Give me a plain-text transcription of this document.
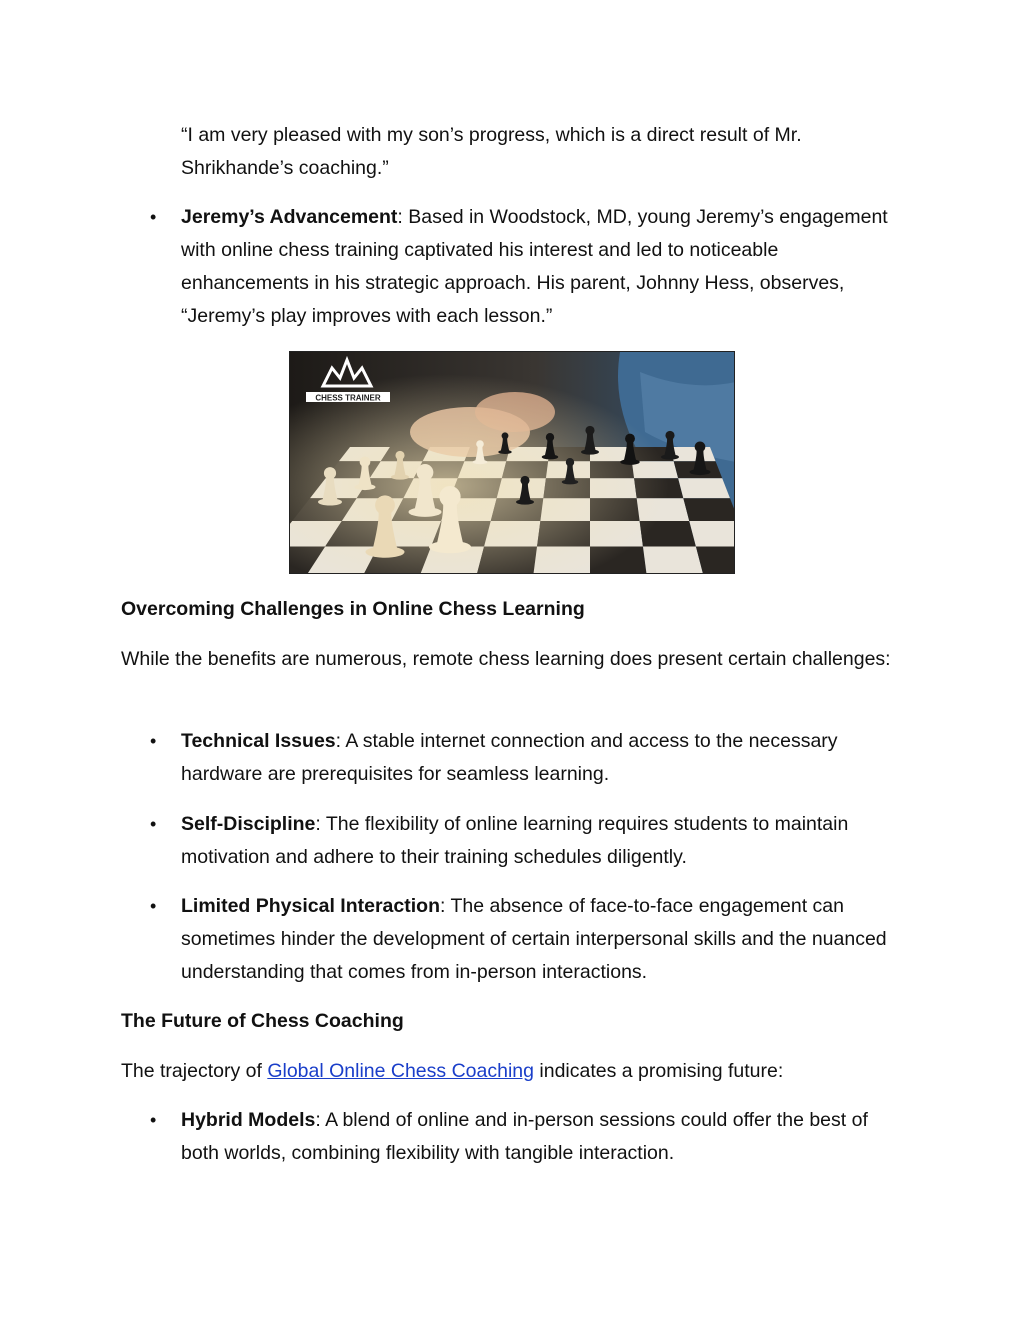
“I am very pleased with my son’s progress, which is a direct result of Mr. Shrikhande’s coaching.”

• Jeremy’s Advancement: Based in Woodstock, MD, young Jeremy’s engagement with online chess training captivated his interest and led to noticeable enhancements in his strategic approach. His parent, Johnny Hess, observes, “Jeremy’s play improves with each lesson.”

CHESS TRAINER

Overcoming Challenges in Online Chess Learning

While the benefits are numerous, remote chess learning does present certain challenges:

• Technical Issues: A stable internet connection and access to the necessary hardware are prerequisites for seamless learning.

• Self-Discipline: The flexibility of online learning requires students to maintain motivation and adhere to their training schedules diligently.

• Limited Physical Interaction: The absence of face-to-face engagement can sometimes hinder the development of certain interpersonal skills and the nuanced understanding that comes from in-person interactions.

The Future of Chess Coaching

The trajectory of Global Online Chess Coaching indicates a promising future:

• Hybrid Models: A blend of online and in-person sessions could offer the best of both worlds, combining flexibility with tangible interaction.
